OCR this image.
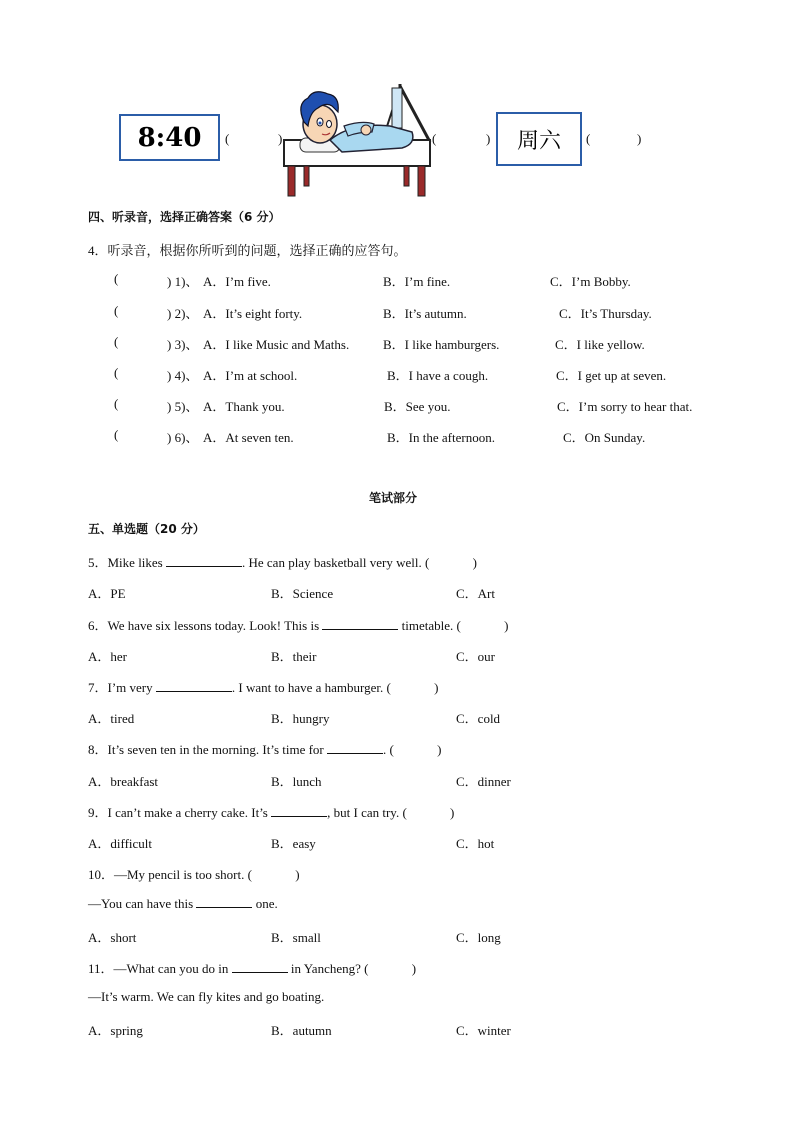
8:40 (	)	(	) 周六 (	)
四、听录音，选择正确答案（6 分）
4．听录音，根据你所听到的问题，选择正确的应答句。
(	) 1)、 A．I’m five.	B．I’m fine.	C．I’m Bobby.
(	) 2)、 A．It’s eight forty.	B．It’s autumn.	C．It’s Thursday.
(	) 3)、 A．I like Music and Maths.	B．I like hamburgers.	C．I like yellow.
(	) 4)、 A．I’m at school.	B．I have a cough.	C．I get up at seven.
(	) 5)、 A．Thank you.	B．See you.	C．I’m sorry to hear that.
(	) 6)、 A．At seven ten.	B．In the afternoon.	C．On Sunday.
笔试部分
五、单选题（20 分）
5．Mike likes	. He can play basketball very well. (	)
A．PE	B．Science	C．Art
6．We have six lessons today. Look! This is	timetable. (	)
A．her	B．their	C．our
7．I’m very	. I want to have a hamburger. (	)
A．tired	B．hungry	C．cold
8．It’s seven ten in the morning. It’s time for	. (	)
A．breakfast	B．lunch	C．dinner
9．I can’t make a cherry cake. It’s	, but I can try. (	)
A．difficult	B．easy	C．hot
10．—My pencil is too short. (	)
—You can have this	one.
A．short	B．small	C．long
11．—What can you do in	in Yancheng? (	)
—It’s warm. We can fly kites and go boating.
A．spring	B．autumn	C．winter
